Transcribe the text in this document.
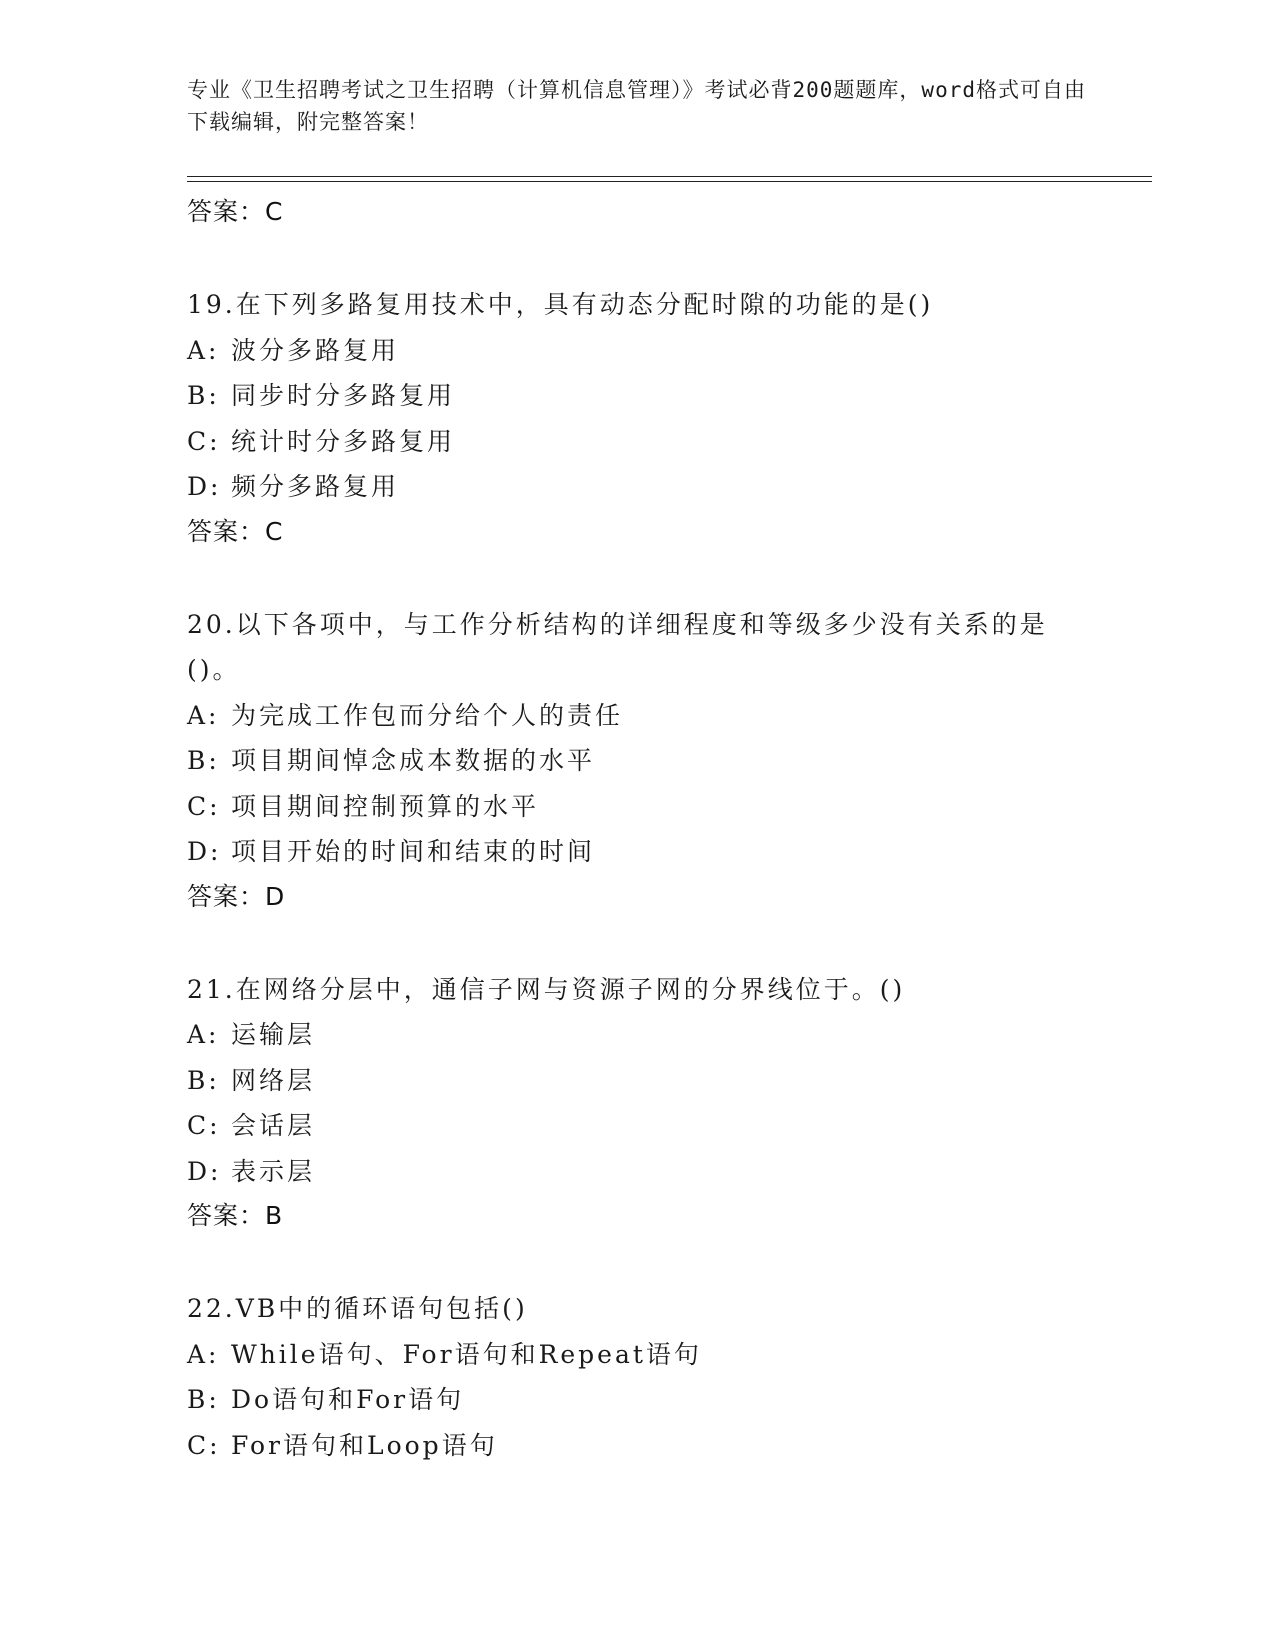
专业《卫生招聘考试之卫生招聘（计算机信息管理）》考试必背200题题库，word格式可自由下载编辑，附完整答案！
答案：C
19.在下列多路复用技术中，具有动态分配时隙的功能的是()
A: 波分多路复用
B: 同步时分多路复用
C: 统计时分多路复用
D: 频分多路复用
答案：C
20.以下各项中，与工作分析结构的详细程度和等级多少没有关系的是()。
A: 为完成工作包而分给个人的责任
B: 项目期间悼念成本数据的水平
C: 项目期间控制预算的水平
D: 项目开始的时间和结束的时间
答案：D
21.在网络分层中，通信子网与资源子网的分界线位于。()
A: 运输层
B: 网络层
C: 会话层
D: 表示层
答案：B
22.VB中的循环语句包括()
A: While语句、For语句和Repeat语句
B: Do语句和For语句
C: For语句和Loop语句
